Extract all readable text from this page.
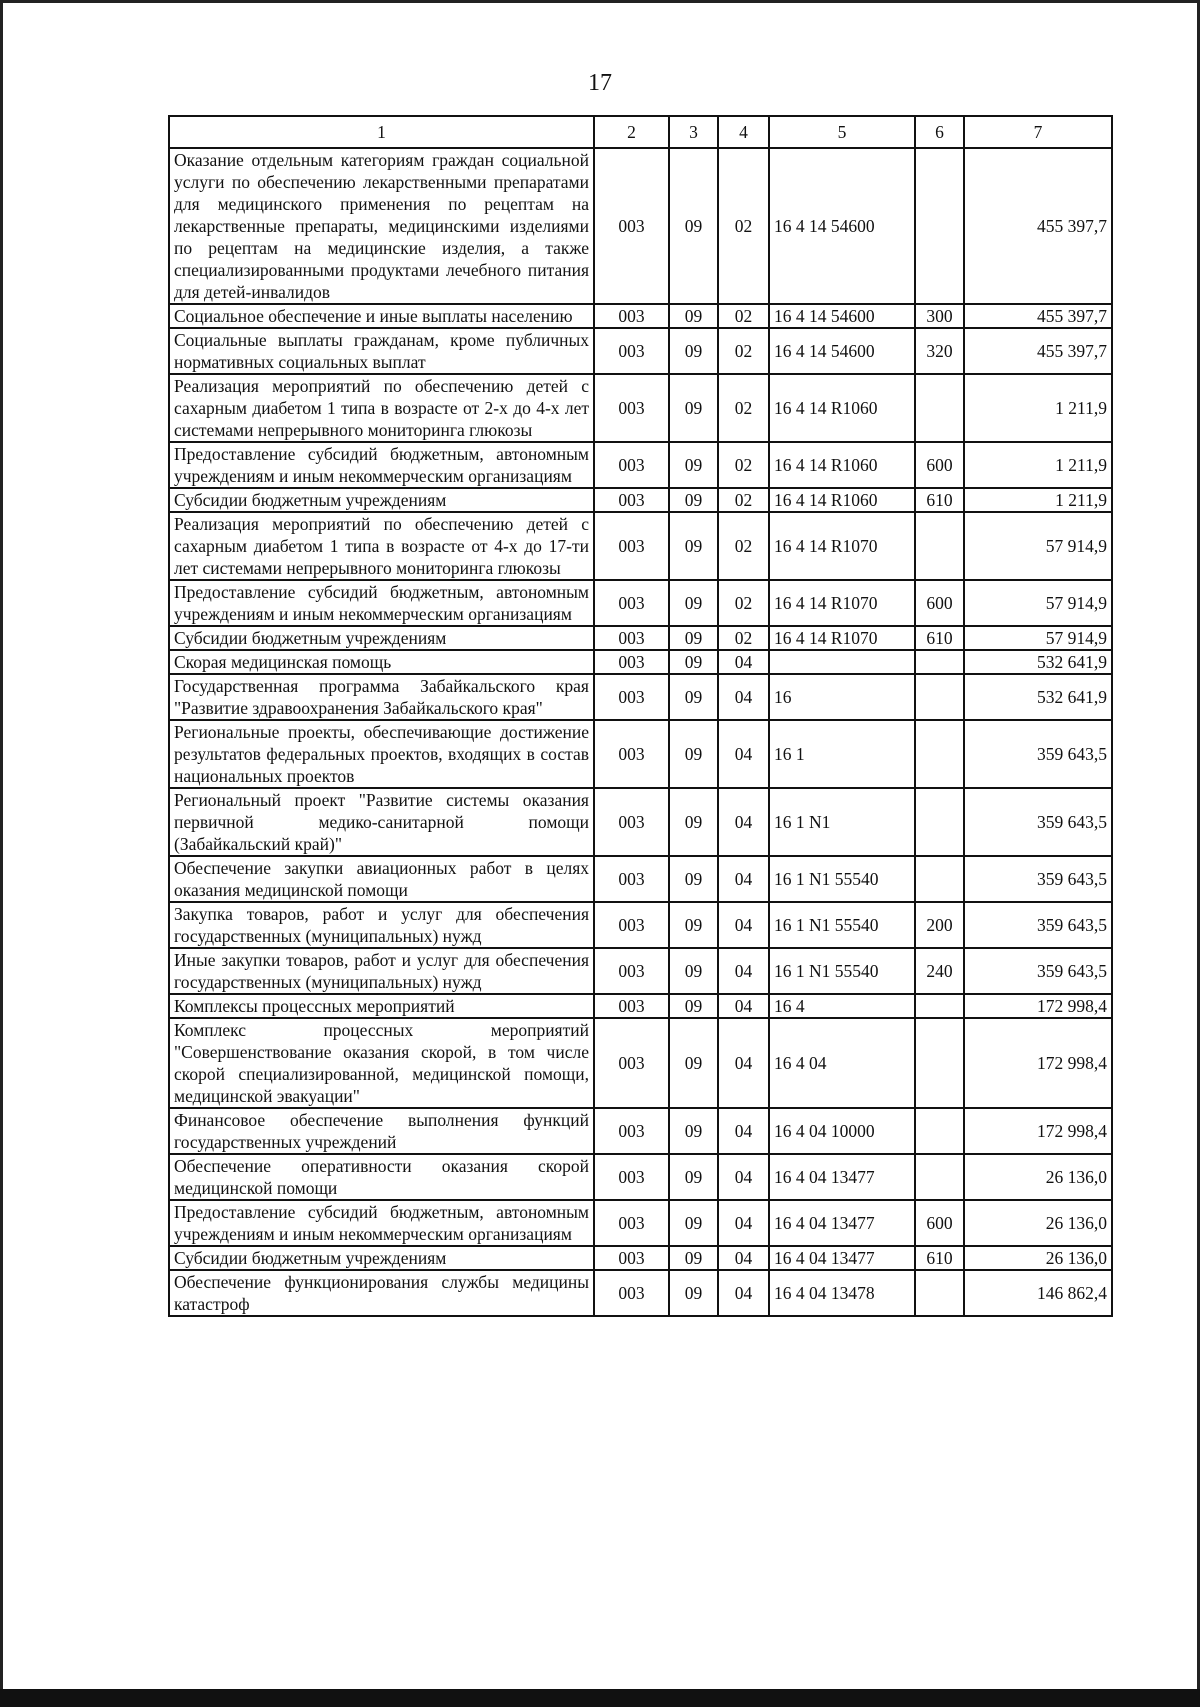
17
1	2	3	4	5	6	7
Оказание отдельным категориям граждан социальной услуги по обеспечению лекарственными препаратами для медицинского применения по рецептам на лекарственные препараты, медицинскими изделиями по рецептам на медицинские изделия, а также специализированными продуктами лечебного питания для детей-инвалидов	003	09	02	16 4 14 54600		455 397,7
Социальное обеспечение и иные выплаты населению	003	09	02	16 4 14 54600	300	455 397,7
Социальные выплаты гражданам, кроме публичных нормативных социальных выплат	003	09	02	16 4 14 54600	320	455 397,7
Реализация мероприятий по обеспечению детей с сахарным диабетом 1 типа в возрасте от 2-х до 4-х лет системами непрерывного мониторинга глюкозы	003	09	02	16 4 14 R1060		1 211,9
Предоставление субсидий бюджетным, автономным учреждениям и иным некоммерческим организациям	003	09	02	16 4 14 R1060	600	1 211,9
Субсидии бюджетным учреждениям	003	09	02	16 4 14 R1060	610	1 211,9
Реализация мероприятий по обеспечению детей с сахарным диабетом 1 типа в возрасте от 4-х до 17-ти лет системами непрерывного мониторинга глюкозы	003	09	02	16 4 14 R1070		57 914,9
Предоставление субсидий бюджетным, автономным учреждениям и иным некоммерческим организациям	003	09	02	16 4 14 R1070	600	57 914,9
Субсидии бюджетным учреждениям	003	09	02	16 4 14 R1070	610	57 914,9
Скорая медицинская помощь	003	09	04			532 641,9
Государственная программа Забайкальского края "Развитие здравоохранения Забайкальского края"	003	09	04	16		532 641,9
Региональные проекты, обеспечивающие достижение результатов федеральных проектов, входящих в состав национальных проектов	003	09	04	16 1		359 643,5
Региональный проект "Развитие системы оказания первичной медико-санитарной помощи (Забайкальский край)"	003	09	04	16 1 N1		359 643,5
Обеспечение закупки авиационных работ в целях оказания медицинской помощи	003	09	04	16 1 N1 55540		359 643,5
Закупка товаров, работ и услуг для обеспечения государственных (муниципальных) нужд	003	09	04	16 1 N1 55540	200	359 643,5
Иные закупки товаров, работ и услуг для обеспечения государственных (муниципальных) нужд	003	09	04	16 1 N1 55540	240	359 643,5
Комплексы процессных мероприятий	003	09	04	16 4		172 998,4
Комплекс процессных мероприятий "Совершенствование оказания скорой, в том числе скорой специализированной, медицинской помощи, медицинской эвакуации"	003	09	04	16 4 04		172 998,4
Финансовое обеспечение выполнения функций государственных учреждений	003	09	04	16 4 04 10000		172 998,4
Обеспечение оперативности оказания скорой медицинской помощи	003	09	04	16 4 04 13477		26 136,0
Предоставление субсидий бюджетным, автономным учреждениям и иным некоммерческим организациям	003	09	04	16 4 04 13477	600	26 136,0
Субсидии бюджетным учреждениям	003	09	04	16 4 04 13477	610	26 136,0
Обеспечение функционирования службы медицины катастроф	003	09	04	16 4 04 13478		146 862,4
